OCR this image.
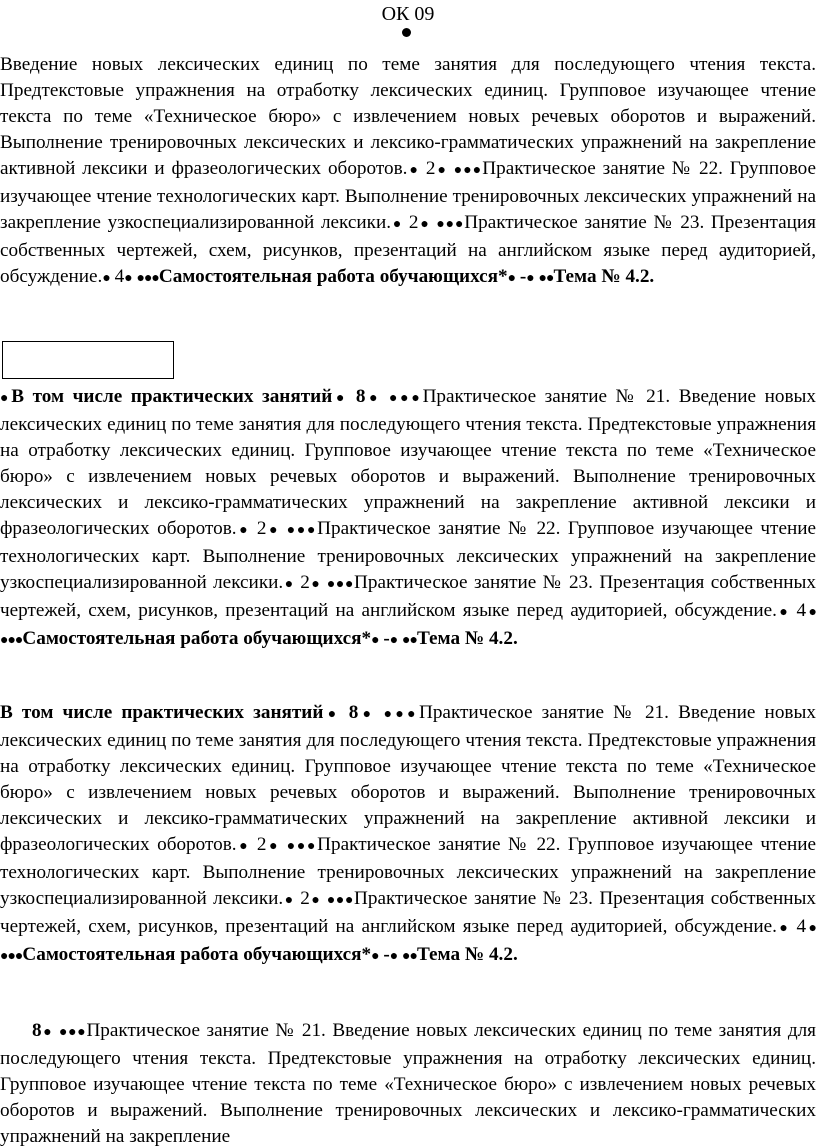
ОК 09

Введение новых лексических единиц по теме занятия для последующего чтения текста. Предтекстовые упражнения на отработку лексических единиц. Групповое изучающее чтение текста по теме «Техническое бюро» с извлечением новых речевых оборотов и выражений. Выполнение тренировочных лексических и лексико-грамматических упражнений на закрепление активной лексики и фразеологических оборотов.● 2● ●●●Практическое занятие № 22. Групповое изучающее чтение технологических карт. Выполнение тренировочных лексических упражнений на закрепление узкоспециализированной лексики.● 2● ●●●Практическое занятие № 23. Презентация собственных чертежей, схем, рисунков, презентаций на английском языке перед аудиторией, обсуждение.● 4● ●●●Самостоятельная работа обучающихся*● -● ●●Тема № 4.2.

●В том числе практических занятий● 8● ●●●Практическое занятие № 21. Введение новых лексических единиц по теме занятия для последующего чтения текста. Предтекстовые упражнения на отработку лексических единиц. Групповое изучающее чтение текста по теме «Техническое бюро» с извлечением новых речевых оборотов и выражений. Выполнение тренировочных лексических и лексико-грамматических упражнений на закрепление активной лексики и фразеологических оборотов.● 2● ●●●Практическое занятие № 22. Групповое изучающее чтение технологических карт. Выполнение тренировочных лексических упражнений на закрепление узкоспециализированной лексики.● 2● ●●●Практическое занятие № 23. Презентация собственных чертежей, схем, рисунков, презентаций на английском языке перед аудиторией, обсуждение.● 4● ●●●Самостоятельная работа обучающихся*● -● ●●Тема № 4.2.

В том числе практических занятий● 8● ●●●Практическое занятие № 21. Введение новых лексических единиц по теме занятия для последующего чтения текста. Предтекстовые упражнения на отработку лексических единиц. Групповое изучающее чтение текста по теме «Техническое бюро» с извлечением новых речевых оборотов и выражений. Выполнение тренировочных лексических и лексико-грамматических упражнений на закрепление активной лексики и фразеологических оборотов.● 2● ●●●Практическое занятие № 22. Групповое изучающее чтение технологических карт. Выполнение тренировочных лексических упражнений на закрепление узкоспециализированной лексики.● 2● ●●●Практическое занятие № 23. Презентация собственных чертежей, схем, рисунков, презентаций на английском языке перед аудиторией, обсуждение.● 4● ●●●Самостоятельная работа обучающихся*● -● ●●Тема № 4.2.

8● ●●●Практическое занятие № 21. Введение новых лексических единиц по теме занятия для последующего чтения текста. Предтекстовые упражнения на отработку лексических единиц. Групповое изучающее чтение текста по теме «Техническое бюро» с извлечением новых речевых оборотов и выражений. Выполнение тренировочных лексических и лексико-грамматических упражнений на закрепление
